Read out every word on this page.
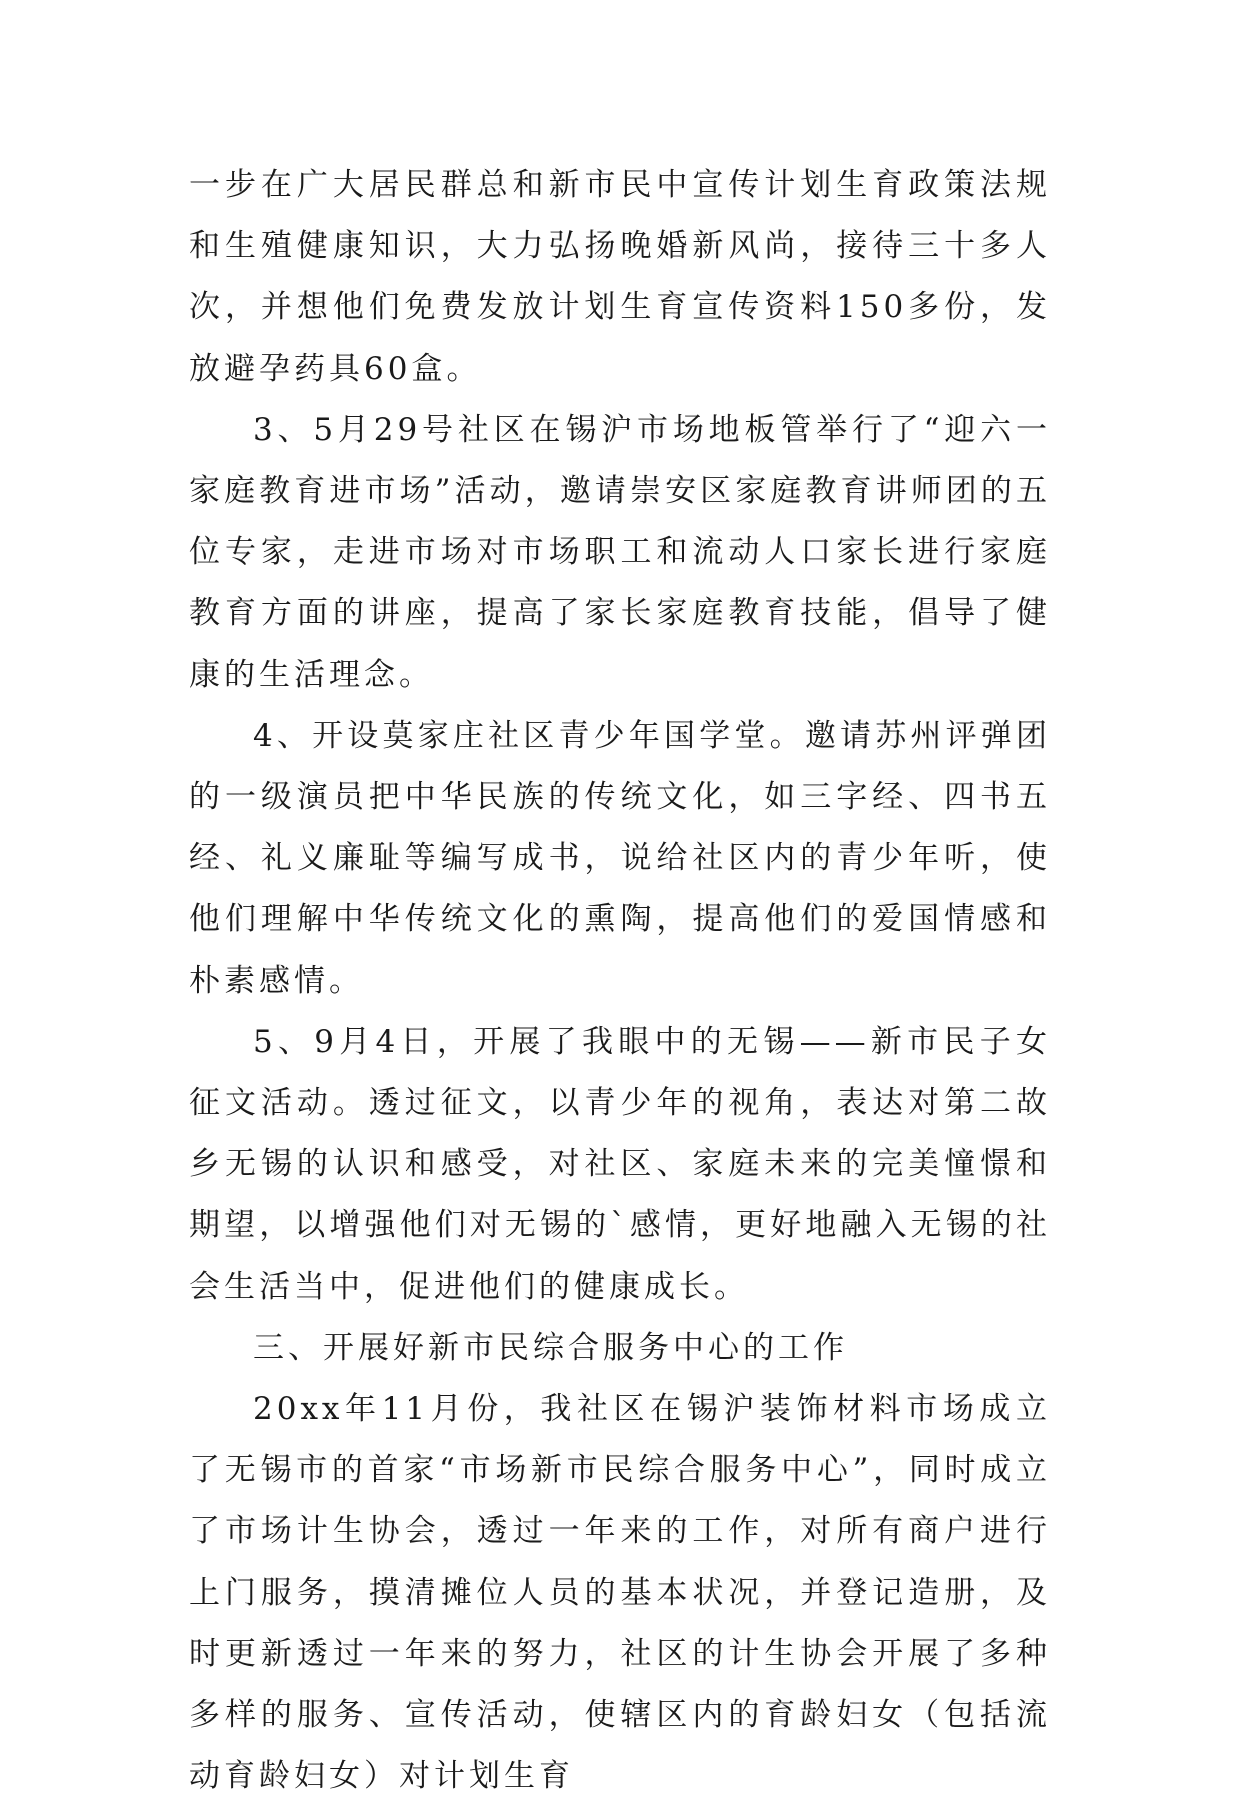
一步在广大居民群总和新市民中宣传计划生育政策法规和生殖健康知识，大力弘扬晚婚新风尚，接待三十多人次，并想他们免费发放计划生育宣传资料150多份，发放避孕药具60盒。

3、5月29号社区在锡沪市场地板管举行了“迎六一家庭教育进市场”活动，邀请崇安区家庭教育讲师团的五位专家，走进市场对市场职工和流动人口家长进行家庭教育方面的讲座，提高了家长家庭教育技能，倡导了健康的生活理念。

4、开设莫家庄社区青少年国学堂。邀请苏州评弹团的一级演员把中华民族的传统文化，如三字经、四书五经、礼义廉耻等编写成书，说给社区内的青少年听，使他们理解中华传统文化的熏陶，提高他们的爱国情感和朴素感情。

5、9月4日，开展了我眼中的无锡——新市民子女征文活动。透过征文，以青少年的视角，表达对第二故乡无锡的认识和感受，对社区、家庭未来的完美憧憬和期望，以增强他们对无锡的`感情，更好地融入无锡的社会生活当中，促进他们的健康成长。

三、开展好新市民综合服务中心的工作

20xx年11月份，我社区在锡沪装饰材料市场成立了无锡市的首家“市场新市民综合服务中心”，同时成立了市场计生协会，透过一年来的工作，对所有商户进行上门服务，摸清摊位人员的基本状况，并登记造册，及时更新透过一年来的努力，社区的计生协会开展了多种多样的服务、宣传活动，使辖区内的育龄妇女（包括流动育龄妇女）对计划生育
